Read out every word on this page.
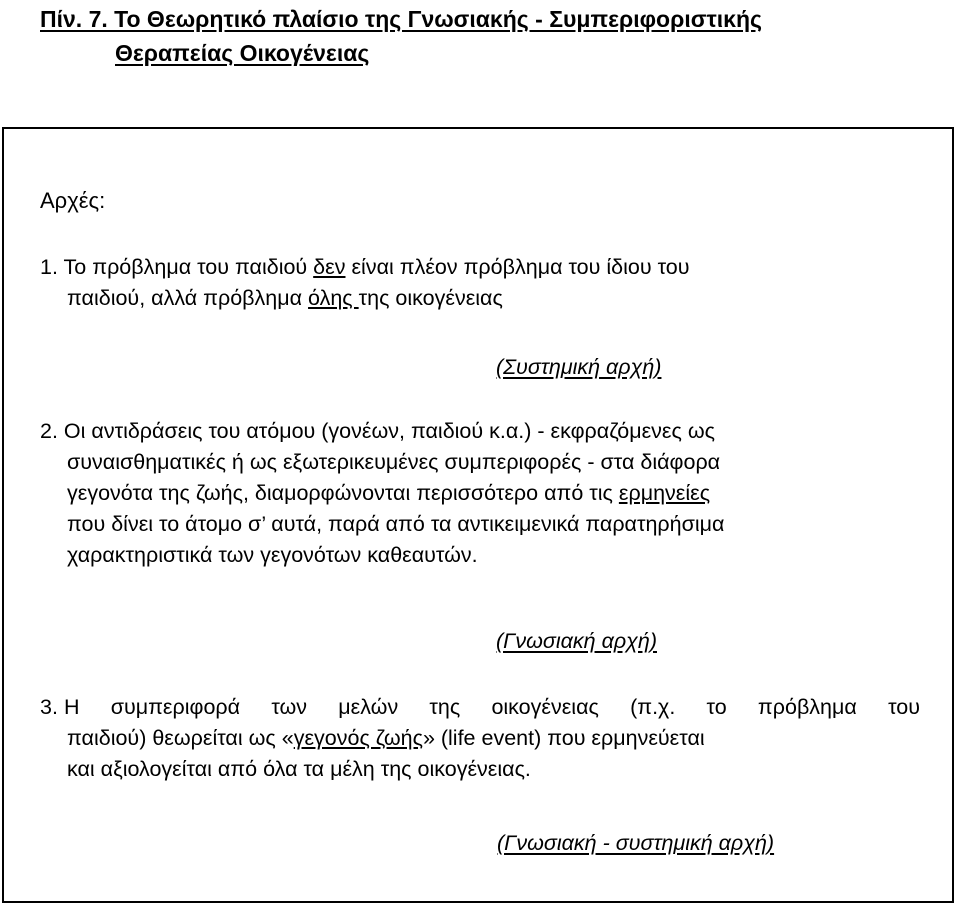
Πίν. 7. Το Θεωρητικό πλαίσιο της Γνωσιακής - Συμπεριφοριστικής
Θεραπείας Οικογένειας
Αρχές:
1. Το πρόβλημα του παιδιού δεν είναι πλέον πρόβλημα του ίδιου του
παιδιού, αλλά πρόβλημα όλης της οικογένειας
(Συστημική αρχή)
2. Οι αντιδράσεις του ατόμου (γονέων, παιδιού κ.α.) - εκφραζόμενες ως
συναισθηματικές ή ως εξωτερικευμένες συμπεριφορές - στα διάφορα
γεγονότα της ζωής, διαμορφώνονται περισσότερο από τις ερμηνείες
που δίνει το άτομο σ’ αυτά, παρά από τα αντικειμενικά παρατηρήσιμα
χαρακτηριστικά των γεγονότων καθεαυτών.
(Γνωσιακή αρχή)
3. Η συμπεριφορά των μελών της οικογένειας (π.χ. το πρόβλημα του
παιδιού) θεωρείται ως «γεγονός ζωής» (life event) που ερμηνεύεται
και αξιολογείται από όλα τα μέλη της οικογένειας.
(Γνωσιακή - συστημική αρχή)
